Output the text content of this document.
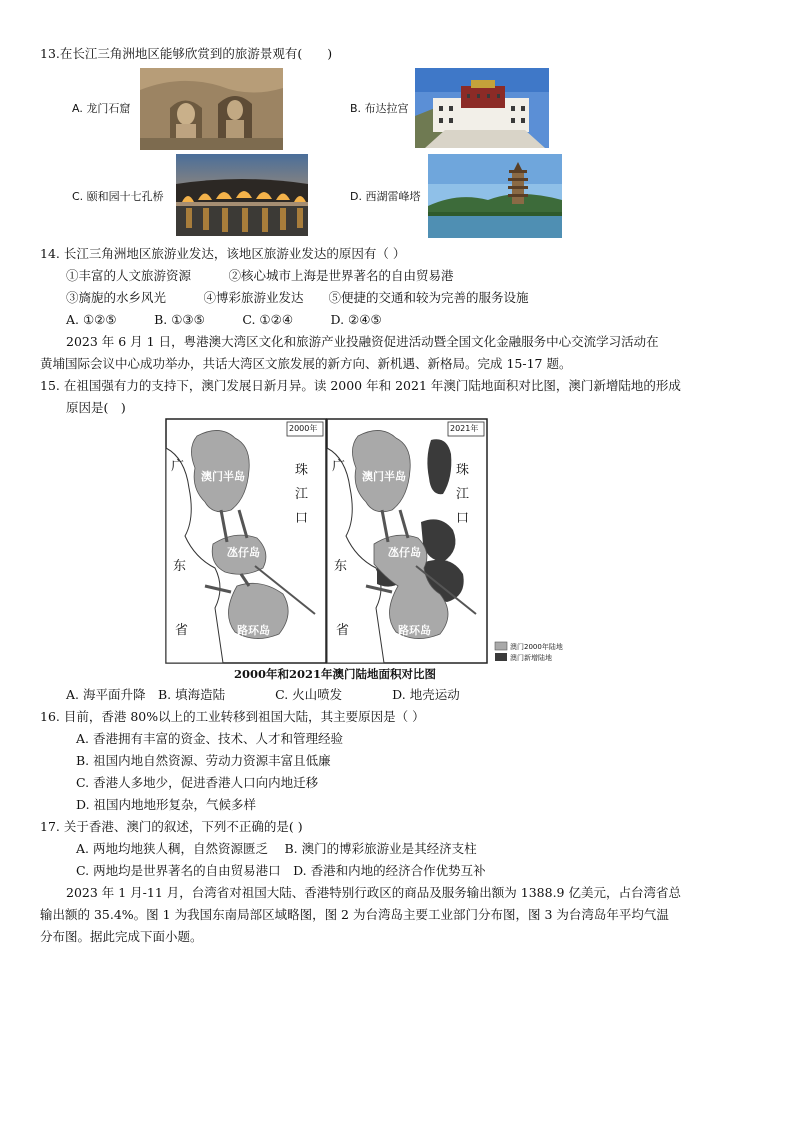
13.在长江三角洲地区能够欣赏到的旅游景观有(　　)
A. 龙门石窟	B. 布达拉宫
C. 颐和园十七孔桥	D. 西湖雷峰塔
14. 长江三角洲地区旅游业发达，该地区旅游业发达的原因有（ ）
①丰富的人文旅游资源　　　②核心城市上海是世界著名的自由贸易港
③旖旎的水乡风光　　　④博彩旅游业发达　　⑤便捷的交通和较为完善的服务设施
A. ①②⑤　　　B. ①③⑤　　　C. ①②④　　　D. ②④⑤
2023 年 6 月 1 日，粤港澳大湾区文化和旅游产业投融资促进活动暨全国文化金融服务中心交流学习活动在
黄埔国际会议中心成功举办，共话大湾区文旅发展的新方向、新机遇、新格局。完成 15-17 题。
15. 在祖国强有力的支持下，澳门发展日新月异。读 2000 年和 2021 年澳门陆地面积对比图，澳门新增陆地的形成
原因是(　)
2000年	2021年
广
东
省
珠
江
口
澳门半岛
氹仔岛
路环岛
广
东
省
珠
江
口
澳门半岛
氹仔岛
路环岛
澳门2000年陆地
澳门新增陆地
2000年和2021年澳门陆地面积对比图
A. 海平面升降　B. 填海造陆　　　　C. 火山喷发　　　　D. 地壳运动
16. 目前，香港 80%以上的工业转移到祖国大陆，其主要原因是（ ）
A. 香港拥有丰富的资金、技术、人才和管理经验
B. 祖国内地自然资源、劳动力资源丰富且低廉
C. 香港人多地少，促进香港人口向内地迁移
D. 祖国内地地形复杂，气候多样
17. 关于香港、澳门的叙述，下列不正确的是( )
A. 两地均地狭人稠，自然资源匮乏　 B. 澳门的博彩旅游业是其经济支柱
C. 两地均是世界著名的自由贸易港口　D. 香港和内地的经济合作优势互补
2023 年 1 月-11 月，台湾省对祖国大陆、香港特别行政区的商品及服务输出额为 1388.9 亿美元，占台湾省总
输出额的 35.4%。图 1 为我国东南局部区域略图，图 2 为台湾岛主要工业部门分布图，图 3 为台湾岛年平均气温
分布图。据此完成下面小题。
